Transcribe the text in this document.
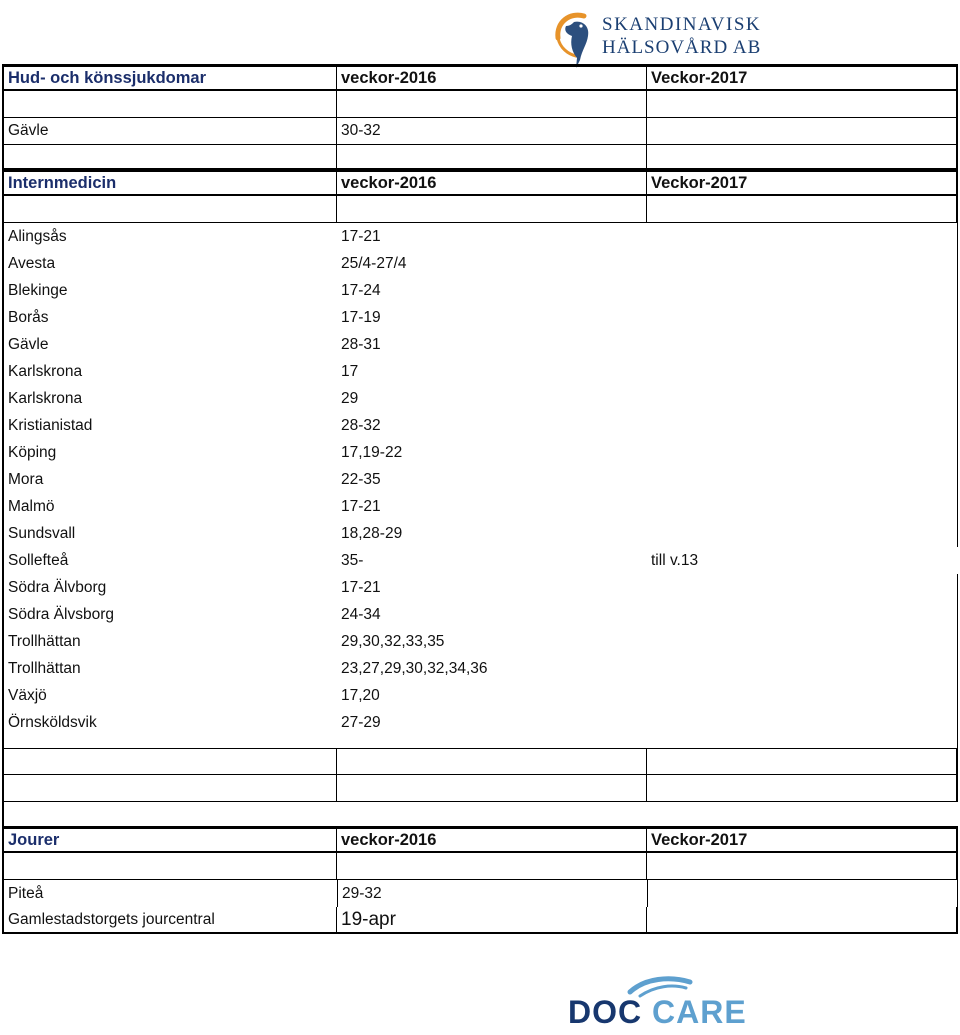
SKANDINAVISK
HÄLSOVÅRD AB
Hud- och könssjukdomar	veckor-2016	Veckor-2017
Gävle	30-32
Internmedicin	veckor-2016	Veckor-2017
Alingsås	17-21
Avesta	25/4-27/4
Blekinge	17-24
Borås	17-19
Gävle	28-31
Karlskrona	17
Karlskrona	29
Kristianistad	28-32
Köping	17,19-22
Mora	22-35
Malmö	17-21
Sundsvall	18,28-29
Sollefteå	35-	till v.13
Södra Älvborg	17-21
Södra Älvsborg	24-34
Trollhättan	29,30,32,33,35
Trollhättan	23,27,29,30,32,34,36
Växjö	17,20
Örnsköldsvik	27-29
Jourer	veckor-2016	Veckor-2017
Piteå	29-32
Gamlestadstorgets jourcentral	19-apr
DOC CARE
